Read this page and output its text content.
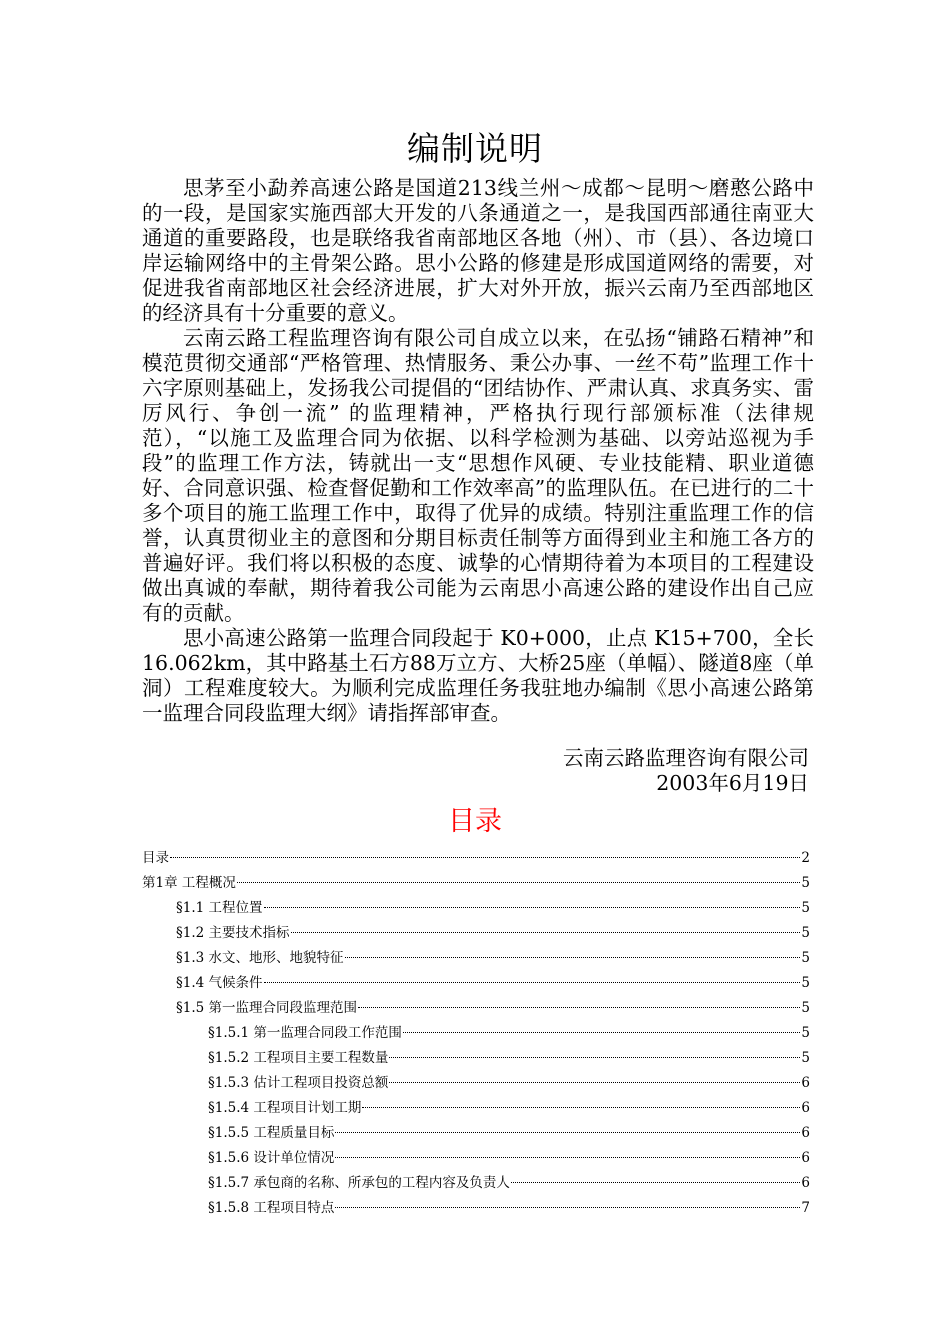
编制说明

思茅至小勐养高速公路是国道213线兰州～成都～昆明～磨憨公路中的一段，是国家实施西部大开发的八条通道之一，是我国西部通往南亚大通道的重要路段，也是联络我省南部地区各地（州）、市（县）、各边境口岸运输网络中的主骨架公路。思小公路的修建是形成国道网络的需要，对促进我省南部地区社会经济进展，扩大对外开放，振兴云南乃至西部地区的经济具有十分重要的意义。

云南云路工程监理咨询有限公司自成立以来，在弘扬“铺路石精神”和模范贯彻交通部“严格管理、热情服务、秉公办事、一丝不苟”监理工作十六字原则基础上，发扬我公司提倡的“团结协作、严肃认真、求真务实、雷厉风行、争创一流” 的监理精神，严格执行现行部颁标准（法律规范），“以施工及监理合同为依据、以科学检测为基础、以旁站巡视为手段”的监理工作方法，铸就出一支“思想作风硬、专业技能精、职业道德好、合同意识强、检查督促勤和工作效率高”的监理队伍。在已进行的二十多个项目的施工监理工作中，取得了优异的成绩。特别注重监理工作的信誉，认真贯彻业主的意图和分期目标责任制等方面得到业主和施工各方的普遍好评。我们将以积极的态度、诚挚的心情期待着为本项目的工程建设做出真诚的奉献，期待着我公司能为云南思小高速公路的建设作出自己应有的贡献。

思小高速公路第一监理合同段起于 K0+000，止点 K15+700，全长16.062km，其中路基土石方88万立方、大桥25座（单幅）、隧道8座（单洞）工程难度较大。为顺利完成监理任务我驻地办编制《思小高速公路第一监理合同段监理大纲》请指挥部审查。

云南云路监理咨询有限公司
2003年6月19日
目录
目录	2
第1章 工程概况	5
§1.1 工程位置	5
§1.2 主要技术指标	5
§1.3 水文、地形、地貌特征	5
§1.4 气候条件	5
§1.5 第一监理合同段监理范围	5
§1.5.1 第一监理合同段工作范围	5
§1.5.2 工程项目主要工程数量	5
§1.5.3 估计工程项目投资总额	6
§1.5.4 工程项目计划工期	6
§1.5.5 工程质量目标	6
§1.5.6 设计单位情况	6
§1.5.7 承包商的名称、所承包的工程内容及负责人	6
§1.5.8 工程项目特点	7
